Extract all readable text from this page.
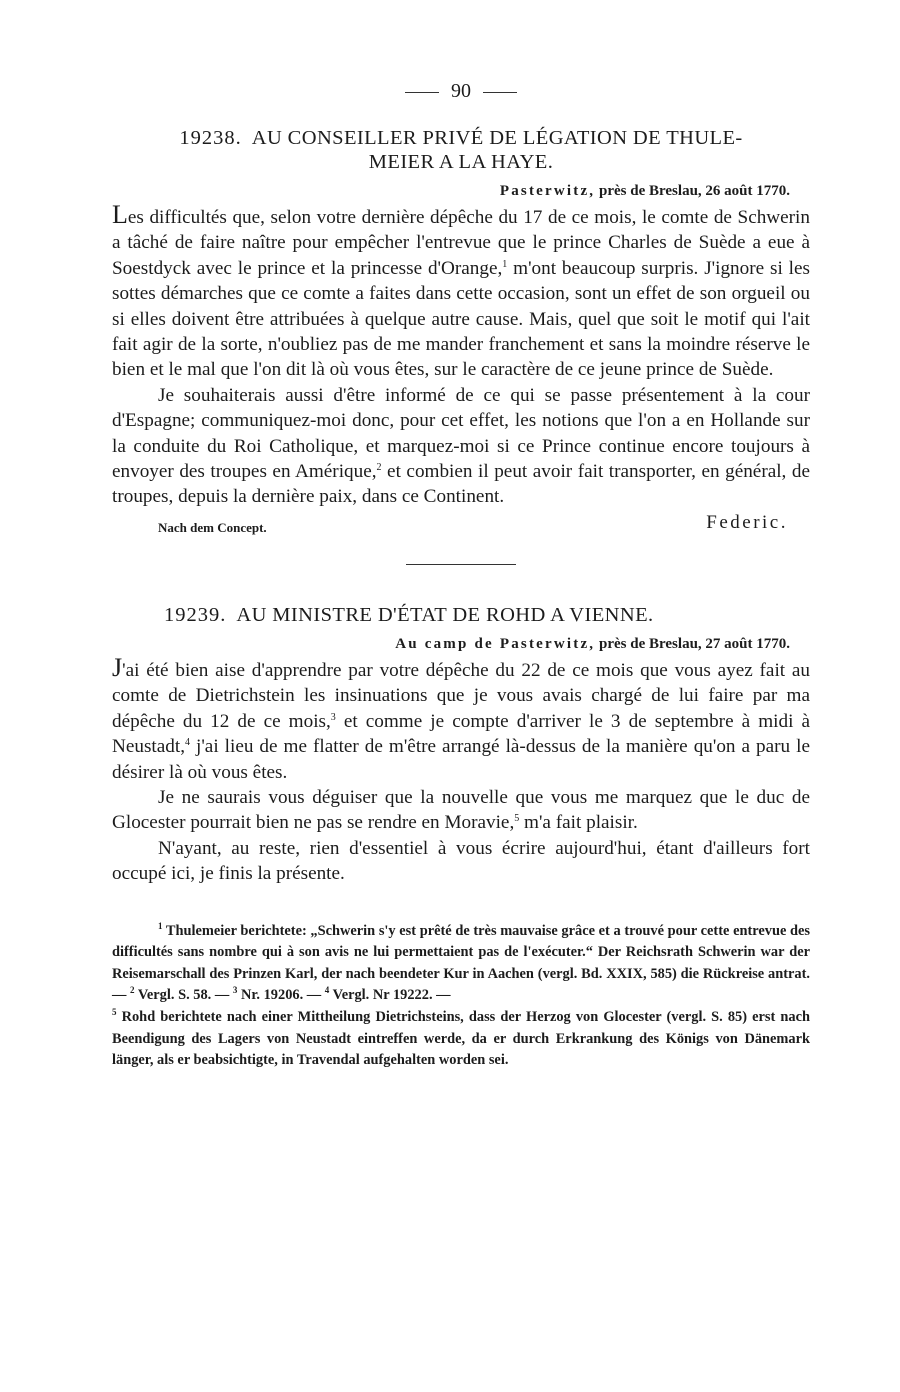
90
19238. AU CONSEILLER PRIVÉ DE LÉGATION DE THULE-
MEIER A LA HAYE.
Pasterwitz, près de Breslau, 26 août 1770.

Les difficultés que, selon votre dernière dépêche du 17 de ce mois, le comte de Schwerin a tâché de faire naître pour empêcher l'entrevue que le prince Charles de Suède a eue à Soestdyck avec le prince et la princesse d'Orange,$^1$ m'ont beaucoup surpris. J'ignore si les sottes démarches que ce comte a faites dans cette occasion, sont un effet de son orgueil ou si elles doivent être attribuées à quelque autre cause. Mais, quel que soit le motif qui l'ait fait agir de la sorte, n'oubliez pas de me mander franchement et sans la moindre réserve le bien et le mal que l'on dit là où vous êtes, sur le caractère de ce jeune prince de Suède.

Je souhaiterais aussi d'être informé de ce qui se passe présentement à la cour d'Espagne; communiquez-moi donc, pour cet effet, les notions que l'on a en Hollande sur la conduite du Roi Catholique, et marquez-moi si ce Prince continue encore toujours à envoyer des troupes en Amérique,$^2$ et combien il peut avoir fait transporter, en général, de troupes, depuis la dernière paix, dans ce Continent.

Nach dem Concept.	Federic.
19239. AU MINISTRE D'ÉTAT DE ROHD A VIENNE.
Au camp de Pasterwitz, près de Breslau, 27 août 1770.

J'ai été bien aise d'apprendre par votre dépêche du 22 de ce mois que vous ayez fait au comte de Dietrichstein les insinuations que je vous avais chargé de lui faire par ma dépêche du 12 de ce mois,$^3$ et comme je compte d'arriver le 3 de septembre à midi à Neustadt,$^4$ j'ai lieu de me flatter de m'être arrangé là-dessus de la manière qu'on a paru le désirer là où vous êtes.

Je ne saurais vous déguiser que la nouvelle que vous me marquez que le duc de Glocester pourrait bien ne pas se rendre en Moravie,$^5$ m'a fait plaisir.

N'ayant, au reste, rien d'essentiel à vous écrire aujourd'hui, étant d'ailleurs fort occupé ici, je finis la présente.

$^1$ Thulemeier berichtete: „Schwerin s'y est prêté de très mauvaise grâce et a trouvé pour cette entrevue des difficultés sans nombre qui à son avis ne lui permettaient pas de l'exécuter.“ Der Reichsrath Schwerin war der Reisemarschall des Prinzen Karl, der nach beendeter Kur in Aachen (vergl. Bd. XXIX, 585) die Rückreise antrat. — $^2$ Vergl. S. 58. — $^3$ Nr. 19206. — $^4$ Vergl. Nr 19222. —
$^5$ Rohd berichtete nach einer Mittheilung Dietrichsteins, dass der Herzog von Glocester (vergl. S. 85) erst nach Beendigung des Lagers von Neustadt eintreffen werde, da er durch Erkrankung des Königs von Dänemark länger, als er beabsichtigte, in Travendal aufgehalten worden sei.
